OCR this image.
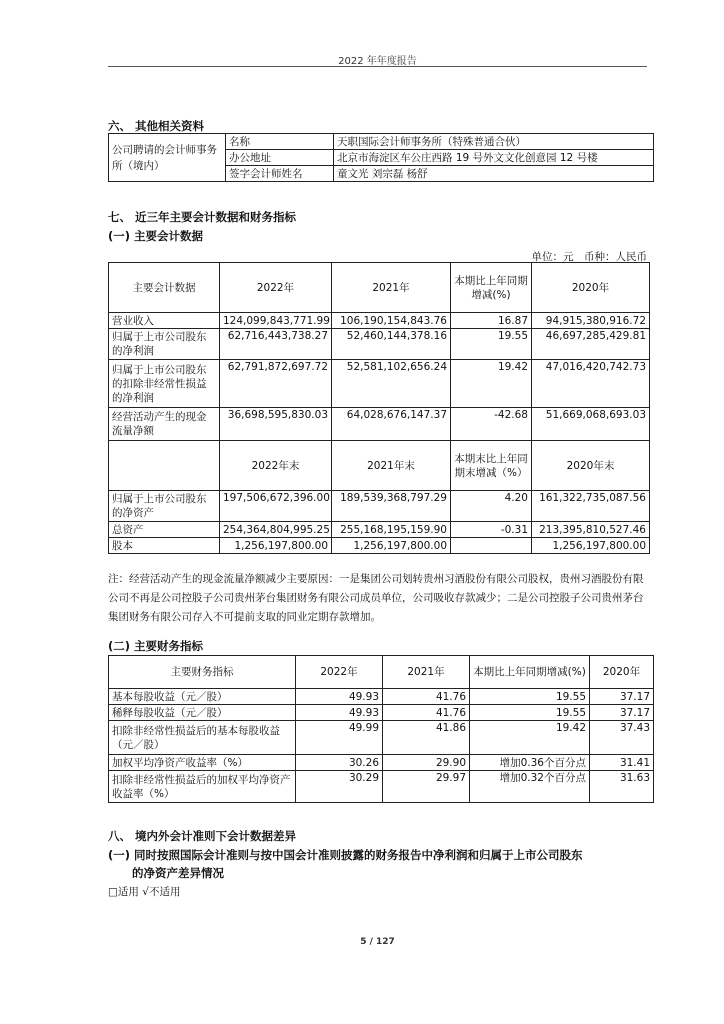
2022 年年度报告
六、 其他相关资料
公司聘请的会计师事务所（境内）	名称	天职国际会计师事务所（特殊普通合伙）
	办公地址	北京市海淀区车公庄西路 19 号外文文化创意园 12 号楼
	签字会计师姓名	童文光 刘宗磊 杨舒
七、 近三年主要会计数据和财务指标
(一) 主要会计数据
单位：元　币种：人民币
主要会计数据	2022年	2021年	本期比上年同期增减(%)	2020年
营业收入	124,099,843,771.99	106,190,154,843.76	16.87	94,915,380,916.72
归属于上市公司股东的净利润	62,716,443,738.27	52,460,144,378.16	19.55	46,697,285,429.81
归属于上市公司股东的扣除非经常性损益的净利润	62,791,872,697.72	52,581,102,656.24	19.42	47,016,420,742.73
经营活动产生的现金流量净额	36,698,595,830.03	64,028,676,147.37	-42.68	51,669,068,693.03
	2022年末	2021年末	本期末比上年同期末增减（%）	2020年末
归属于上市公司股东的净资产	197,506,672,396.00	189,539,368,797.29	4.20	161,322,735,087.56
总资产	254,364,804,995.25	255,168,195,159.90	-0.31	213,395,810,527.46
股本	1,256,197,800.00	1,256,197,800.00		1,256,197,800.00
注：经营活动产生的现金流量净额减少主要原因：一是集团公司划转贵州习酒股份有限公司股权，贵州习酒股份有限公司不再是公司控股子公司贵州茅台集团财务有限公司成员单位，公司吸收存款减少；二是公司控股子公司贵州茅台集团财务有限公司存入不可提前支取的同业定期存款增加。
(二) 主要财务指标
主要财务指标	2022年	2021年	本期比上年同期增减(%)	2020年
基本每股收益（元／股）	49.93	41.76	19.55	37.17
稀释每股收益（元／股）	49.93	41.76	19.55	37.17
扣除非经常性损益后的基本每股收益（元／股）	49.99	41.86	19.42	37.43
加权平均净资产收益率（%）	30.26	29.90	增加0.36个百分点	31.41
扣除非经常性损益后的加权平均净资产收益率（%）	30.29	29.97	增加0.32个百分点	31.63
八、 境内外会计准则下会计数据差异
(一) 同时按照国际会计准则与按中国会计准则披露的财务报告中净利润和归属于上市公司股东
的净资产差异情况
□适用 √不适用
5 / 127
